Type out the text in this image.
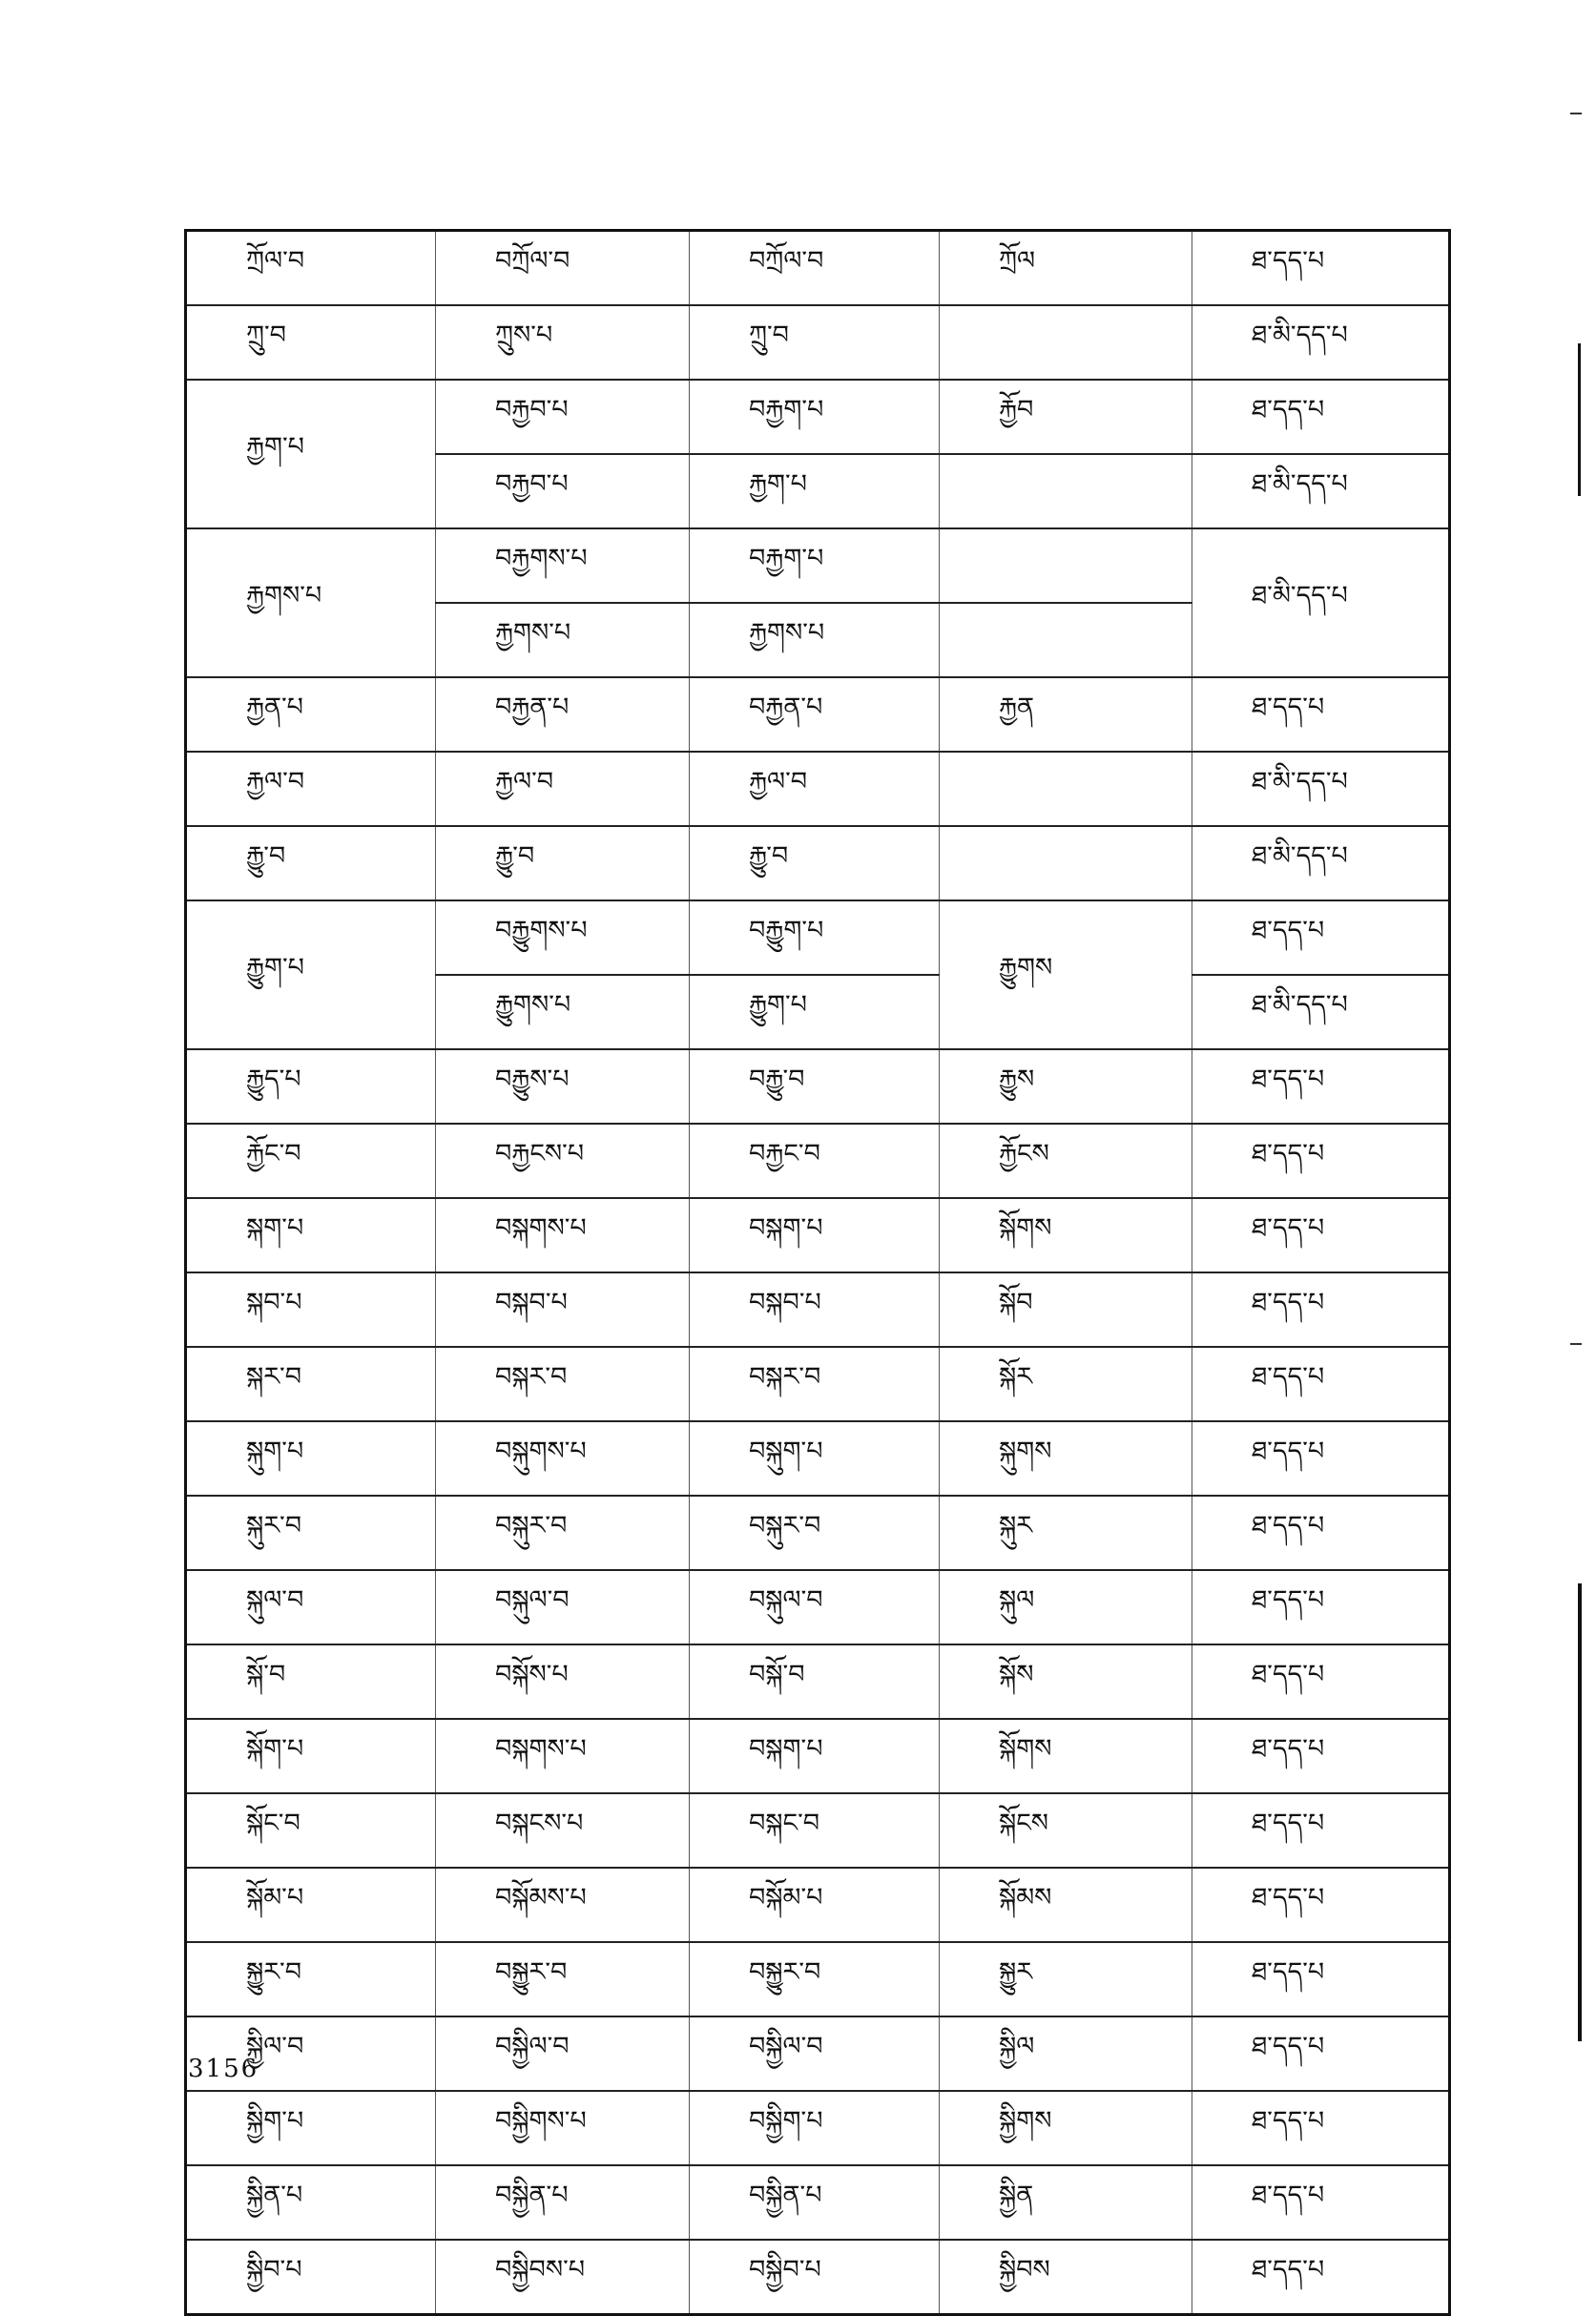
ཀྲོལ་བ	བཀྲོལ་བ	བཀྲོལ་བ	ཀྲོལ	ཐ་དད་པ
ཀྲུ་བ	ཀྲུས་པ	ཀྲུ་བ		ཐ་མི་དད་པ
རྐྱག་པ	བརྐྱབ་པ	བརྐྱག་པ	རྐྱོབ	ཐ་དད་པ
	བརྐྱབ་པ	རྐྱག་པ		ཐ་མི་དད་པ
རྐྱགས་པ	བརྐྱགས་པ	བརྐྱག་པ		ཐ་མི་དད་པ
	རྐྱགས་པ	རྐྱགས་པ		
རྐྱན་པ	བརྐྱན་པ	བརྐྱན་པ	རྐྱན	ཐ་དད་པ
རྐྱལ་བ	རྐྱལ་བ	རྐྱལ་བ		ཐ་མི་དད་པ
རྐྱུ་བ	རྐྱུ་བ	རྐྱུ་བ		ཐ་མི་དད་པ
རྐྱུག་པ	བརྐྱུགས་པ	བརྐྱུག་པ	རྐྱུགས	ཐ་དད་པ
	རྐྱུགས་པ	རྐྱུག་པ		ཐ་མི་དད་པ
རྐྱུད་པ	བརྐྱུས་པ	བརྐྱུ་བ	རྐྱུས	ཐ་དད་པ
རྐྱོང་བ	བརྐྱངས་པ	བརྐྱང་བ	རྐྱོངས	ཐ་དད་པ
སྐག་པ	བསྐགས་པ	བསྐག་པ	སྐོགས	ཐ་དད་པ
སྐབ་པ	བསྐབ་པ	བསྐབ་པ	སྐོབ	ཐ་དད་པ
སྐར་བ	བསྐར་བ	བསྐར་བ	སྐོར	ཐ་དད་པ
སྐུག་པ	བསྐུགས་པ	བསྐུག་པ	སྐུགས	ཐ་དད་པ
སྐུར་བ	བསྐུར་བ	བསྐུར་བ	སྐུར	ཐ་དད་པ
སྐུལ་བ	བསྐུལ་བ	བསྐུལ་བ	སྐུལ	ཐ་དད་པ
སྐོ་བ	བསྐོས་པ	བསྐོ་བ	སྐོས	ཐ་དད་པ
སྐོག་པ	བསྐགས་པ	བསྐག་པ	སྐོགས	ཐ་དད་པ
སྐོང་བ	བསྐངས་པ	བསྐང་བ	སྐོངས	ཐ་དད་པ
སྐོམ་པ	བསྐོམས་པ	བསྐོམ་པ	སྐོམས	ཐ་དད་པ
སྐྱུར་བ	བསྐྱུར་བ	བསྐྱུར་བ	སྐྱུར	ཐ་དད་པ
སྐྱིལ་བ	བསྐྱིལ་བ	བསྐྱིལ་བ	སྐྱིལ	ཐ་དད་པ
སྐྱིག་པ	བསྐྱིགས་པ	བསྐྱིག་པ	སྐྱིགས	ཐ་དད་པ
སྐྱིན་པ	བསྐྱིན་པ	བསྐྱིན་པ	སྐྱིན	ཐ་དད་པ
སྐྱིབ་པ	བསྐྱིབས་པ	བསྐྱིབ་པ	སྐྱིབས	ཐ་དད་པ
3156
